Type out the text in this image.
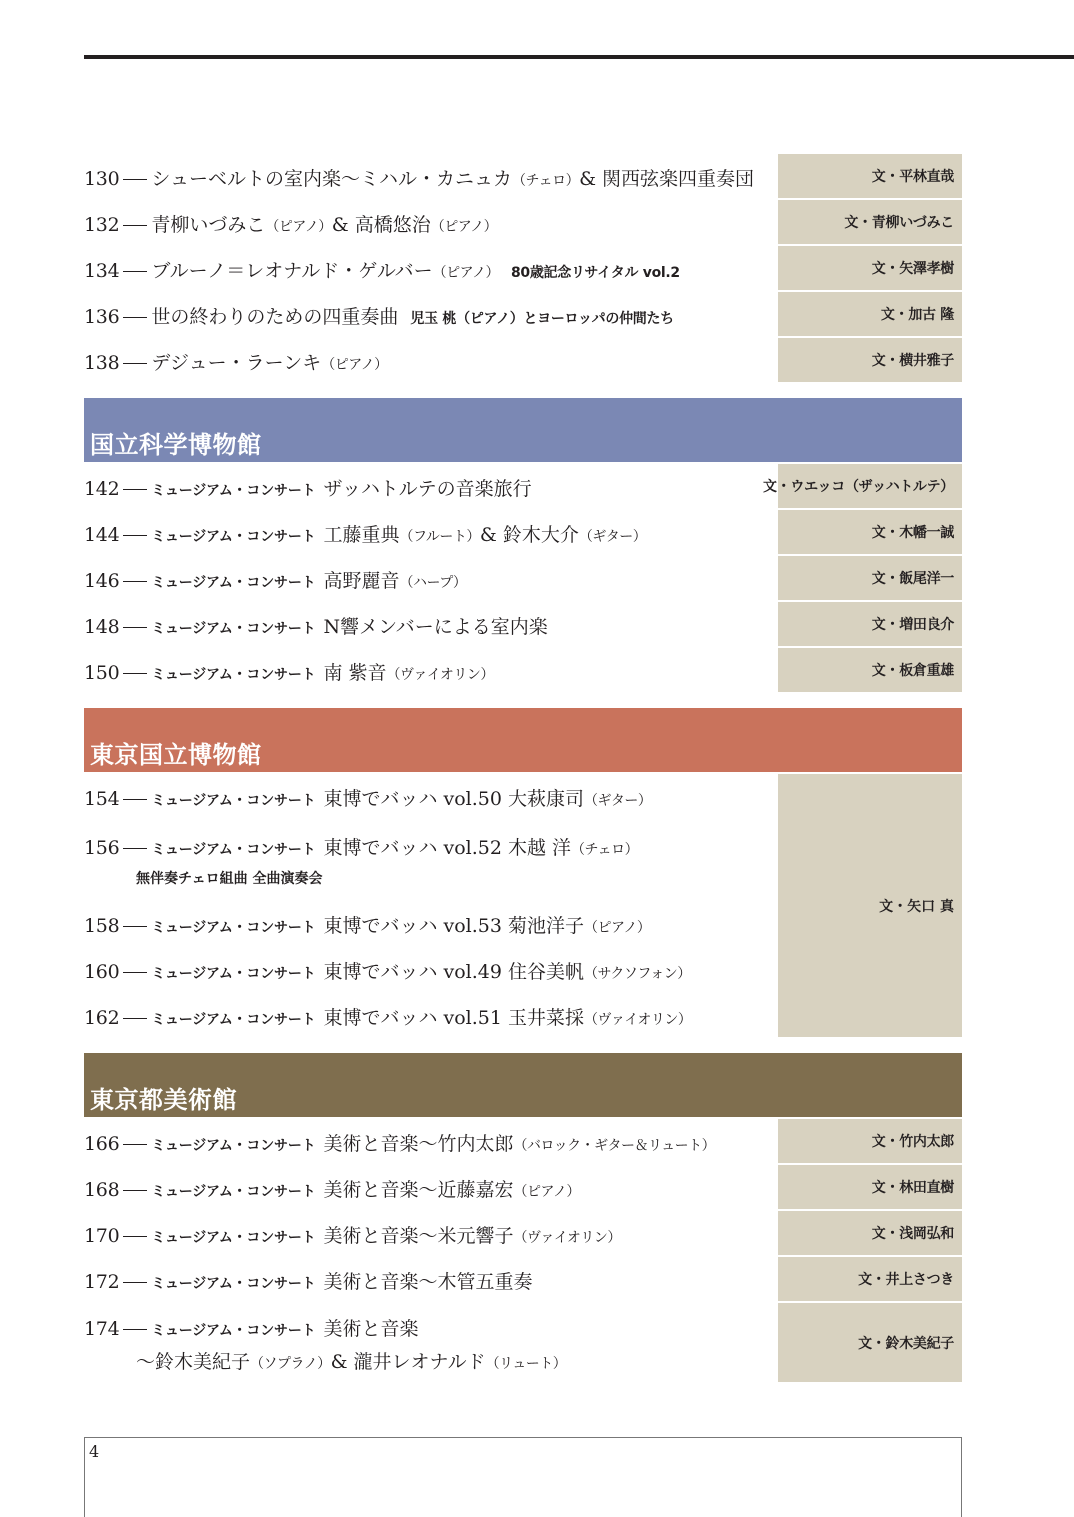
130 シューベルトの室内楽〜ミハル・カニュカ （チェロ） & 関西弦楽四重奏団	文・平林直哉
132 青柳いづみこ （ピアノ） & 高橋悠治 （ピアノ）	文・青柳いづみこ
134 ブルーノ＝レオナルド・ゲルバー （ピアノ） 80歳記念リサイタル vol.2	文・矢澤孝樹
136 世の終わりのための四重奏曲 児玉 桃（ピアノ）とヨーロッパの仲間たち	文・加古 隆
138 デジュー・ラーンキ （ピアノ）	文・横井雅子
国立科学博物館
142 ミュージアム・コンサート ザッハトルテの音楽旅行	文・ウエッコ（ザッハトルテ）
144 ミュージアム・コンサート 工藤重典 （フルート） & 鈴木大介 （ギター）	文・木幡一誠
146 ミュージアム・コンサート 高野麗音 （ハープ）	文・飯尾洋一
148 ミュージアム・コンサート N響メンバーによる室内楽	文・増田良介
150 ミュージアム・コンサート 南 紫音 （ヴァイオリン）	文・板倉重雄
東京国立博物館
154 ミュージアム・コンサート 東博でバッハ vol.50 大萩康司 （ギター）
156 ミュージアム・コンサート 東博でバッハ vol.52 木越 洋 （チェロ）
無伴奏チェロ組曲 全曲演奏会
158 ミュージアム・コンサート 東博でバッハ vol.53 菊池洋子 （ピアノ）
160 ミュージアム・コンサート 東博でバッハ vol.49 住谷美帆 （サクソフォン）
162 ミュージアム・コンサート 東博でバッハ vol.51 玉井菜採 （ヴァイオリン）
文・矢口 真
東京都美術館
166 ミュージアム・コンサート 美術と音楽〜竹内太郎 （バロック・ギター＆リュート）	文・竹内太郎
168 ミュージアム・コンサート 美術と音楽〜近藤嘉宏 （ピアノ）	文・林田直樹
170 ミュージアム・コンサート 美術と音楽〜米元響子 （ヴァイオリン）	文・浅岡弘和
172 ミュージアム・コンサート 美術と音楽〜木管五重奏	文・井上さつき
174 ミュージアム・コンサート 美術と音楽
〜鈴木美紀子 （ソプラノ） & 瀧井レオナルド （リュート）
文・鈴木美紀子
4
